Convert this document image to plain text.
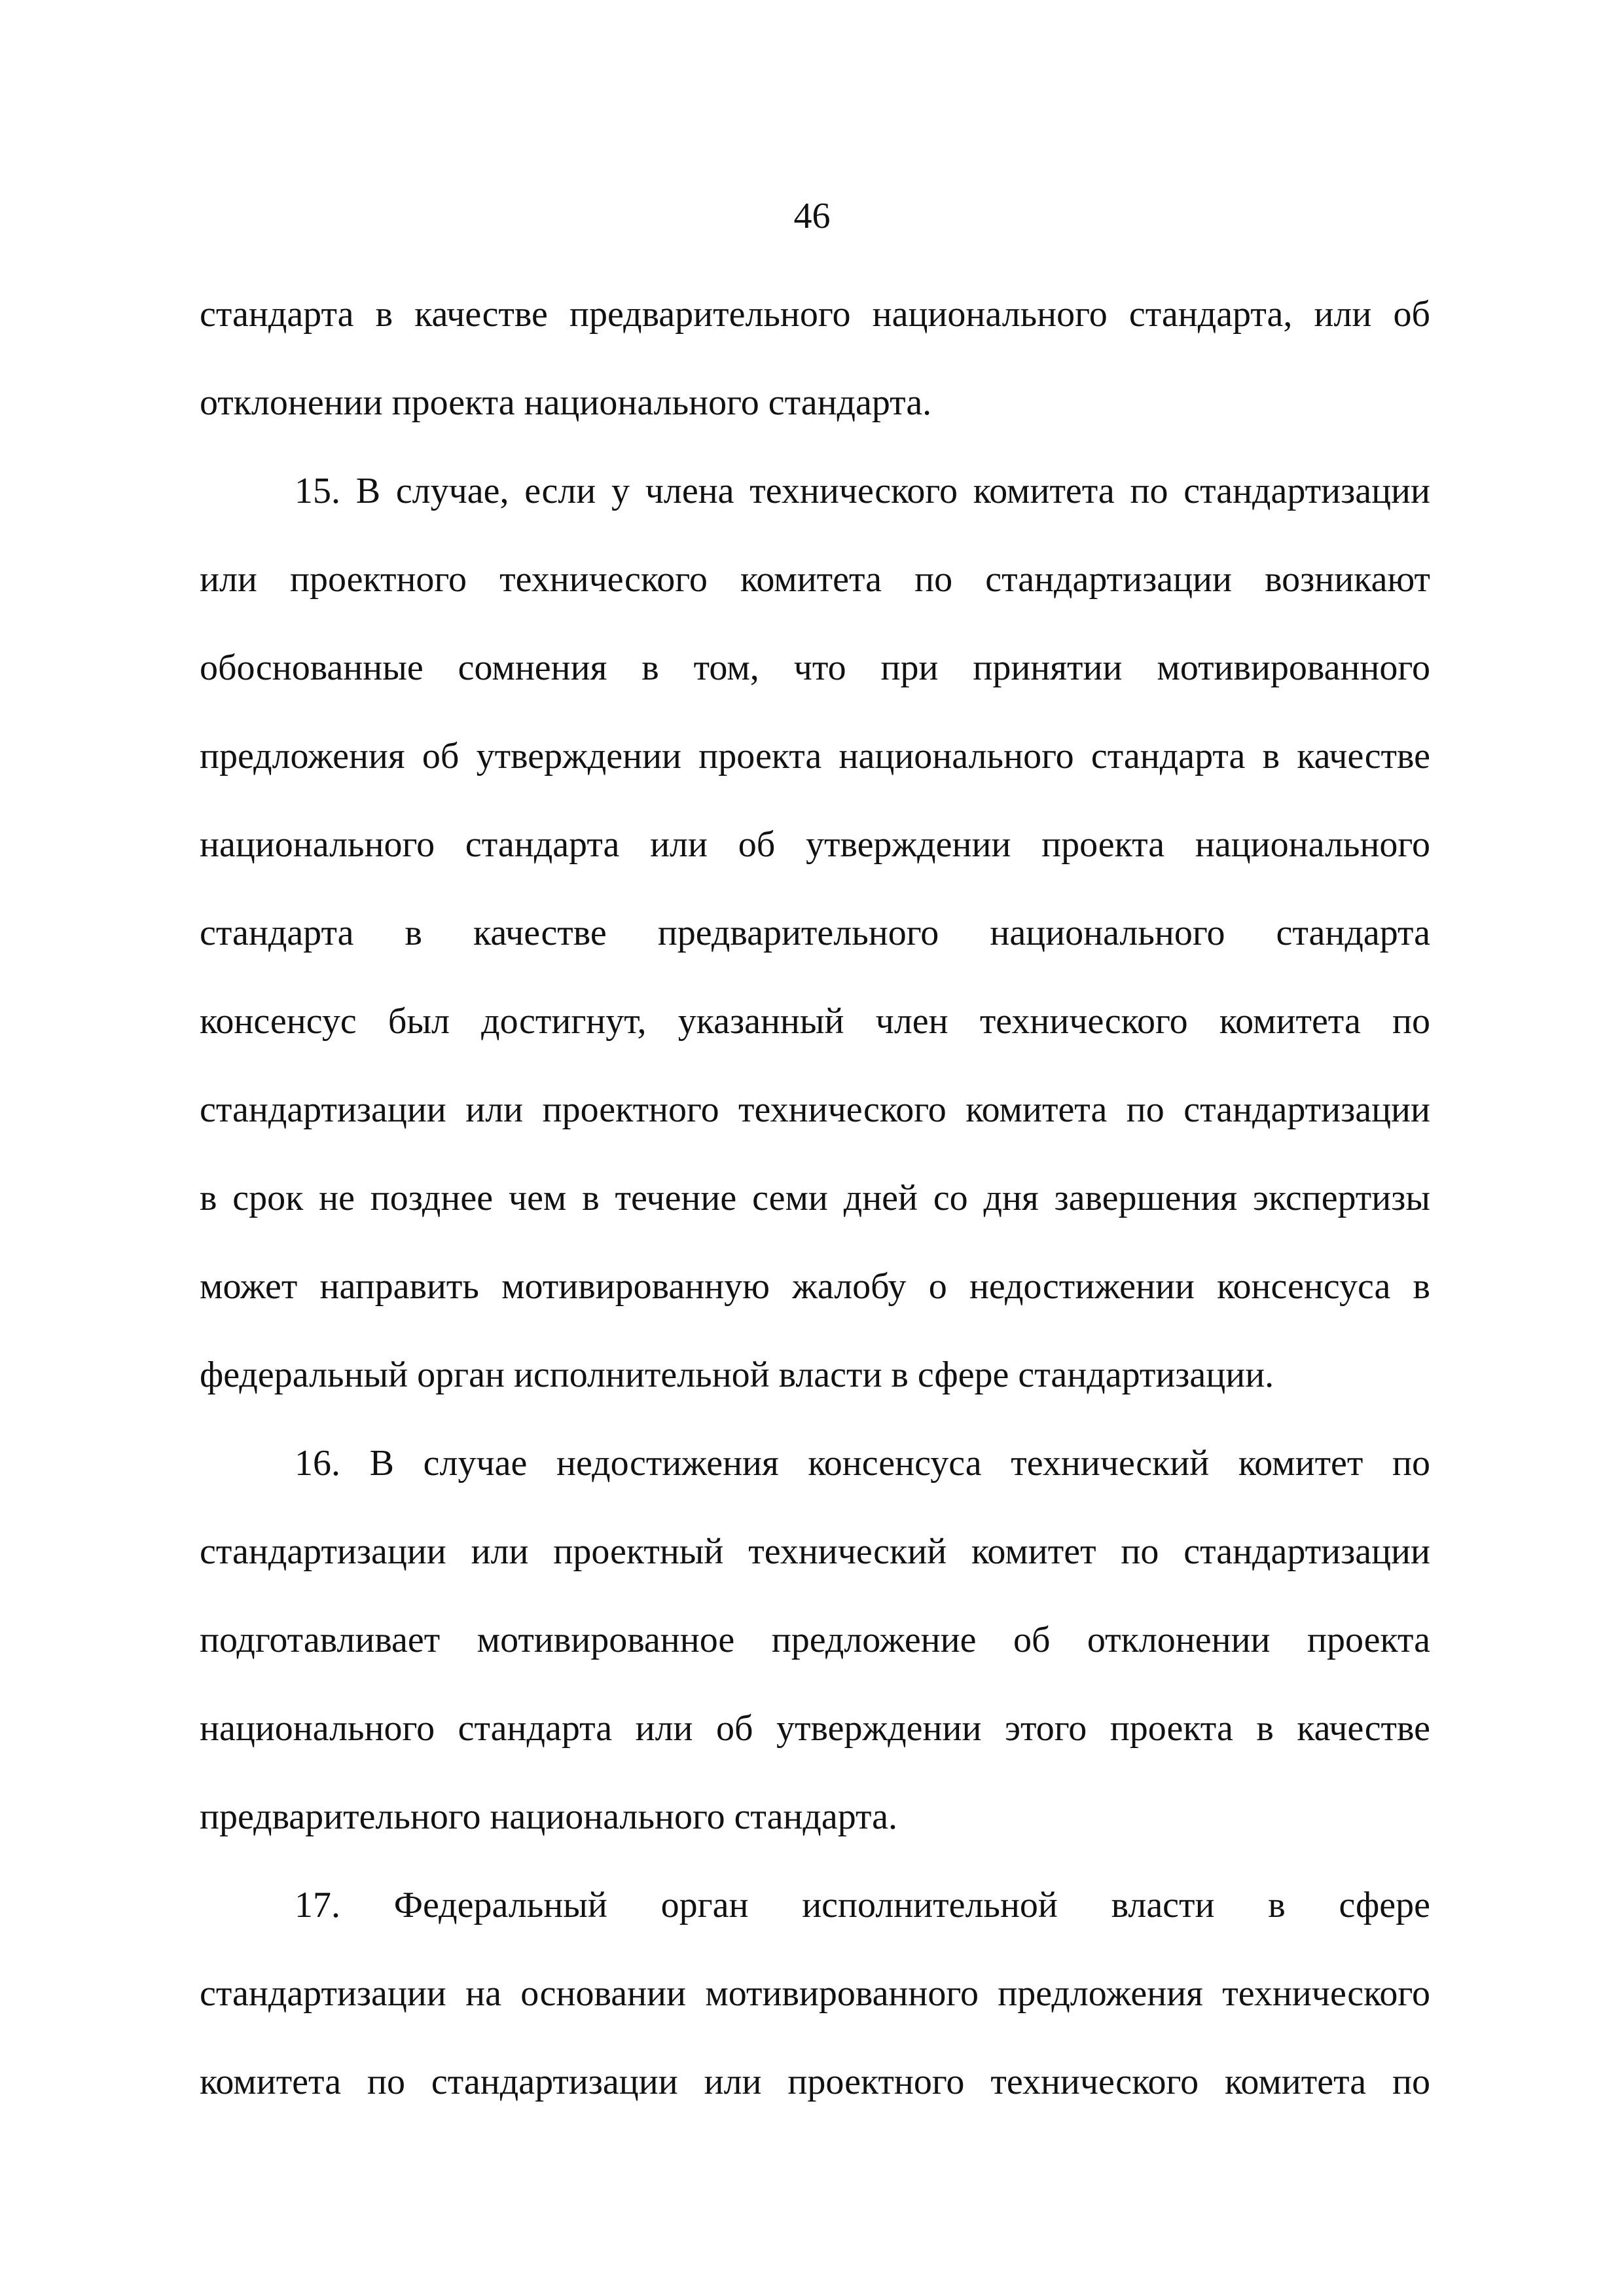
46
стандарта в качестве предварительного национального стандарта, или об
отклонении проекта национального стандарта.
15. В случае, если у члена технического комитета по стандартизации
или проектного технического комитета по стандартизации возникают
обоснованные сомнения в том, что при принятии мотивированного
предложения об утверждении проекта национального стандарта в качестве
национального стандарта или об утверждении проекта национального
стандарта в качестве предварительного национального стандарта
консенсус был достигнут, указанный член технического комитета по
стандартизации или проектного технического комитета по стандартизации
в срок не позднее чем в течение семи дней со дня завершения экспертизы
может направить мотивированную жалобу о недостижении консенсуса в
федеральный орган исполнительной власти в сфере стандартизации.
16. В случае недостижения консенсуса технический комитет по
стандартизации или проектный технический комитет по стандартизации
подготавливает мотивированное предложение об отклонении проекта
национального стандарта или об утверждении этого проекта в качестве
предварительного национального стандарта.
17. Федеральный орган исполнительной власти в сфере
стандартизации на основании мотивированного предложения технического
комитета по стандартизации или проектного технического комитета по
